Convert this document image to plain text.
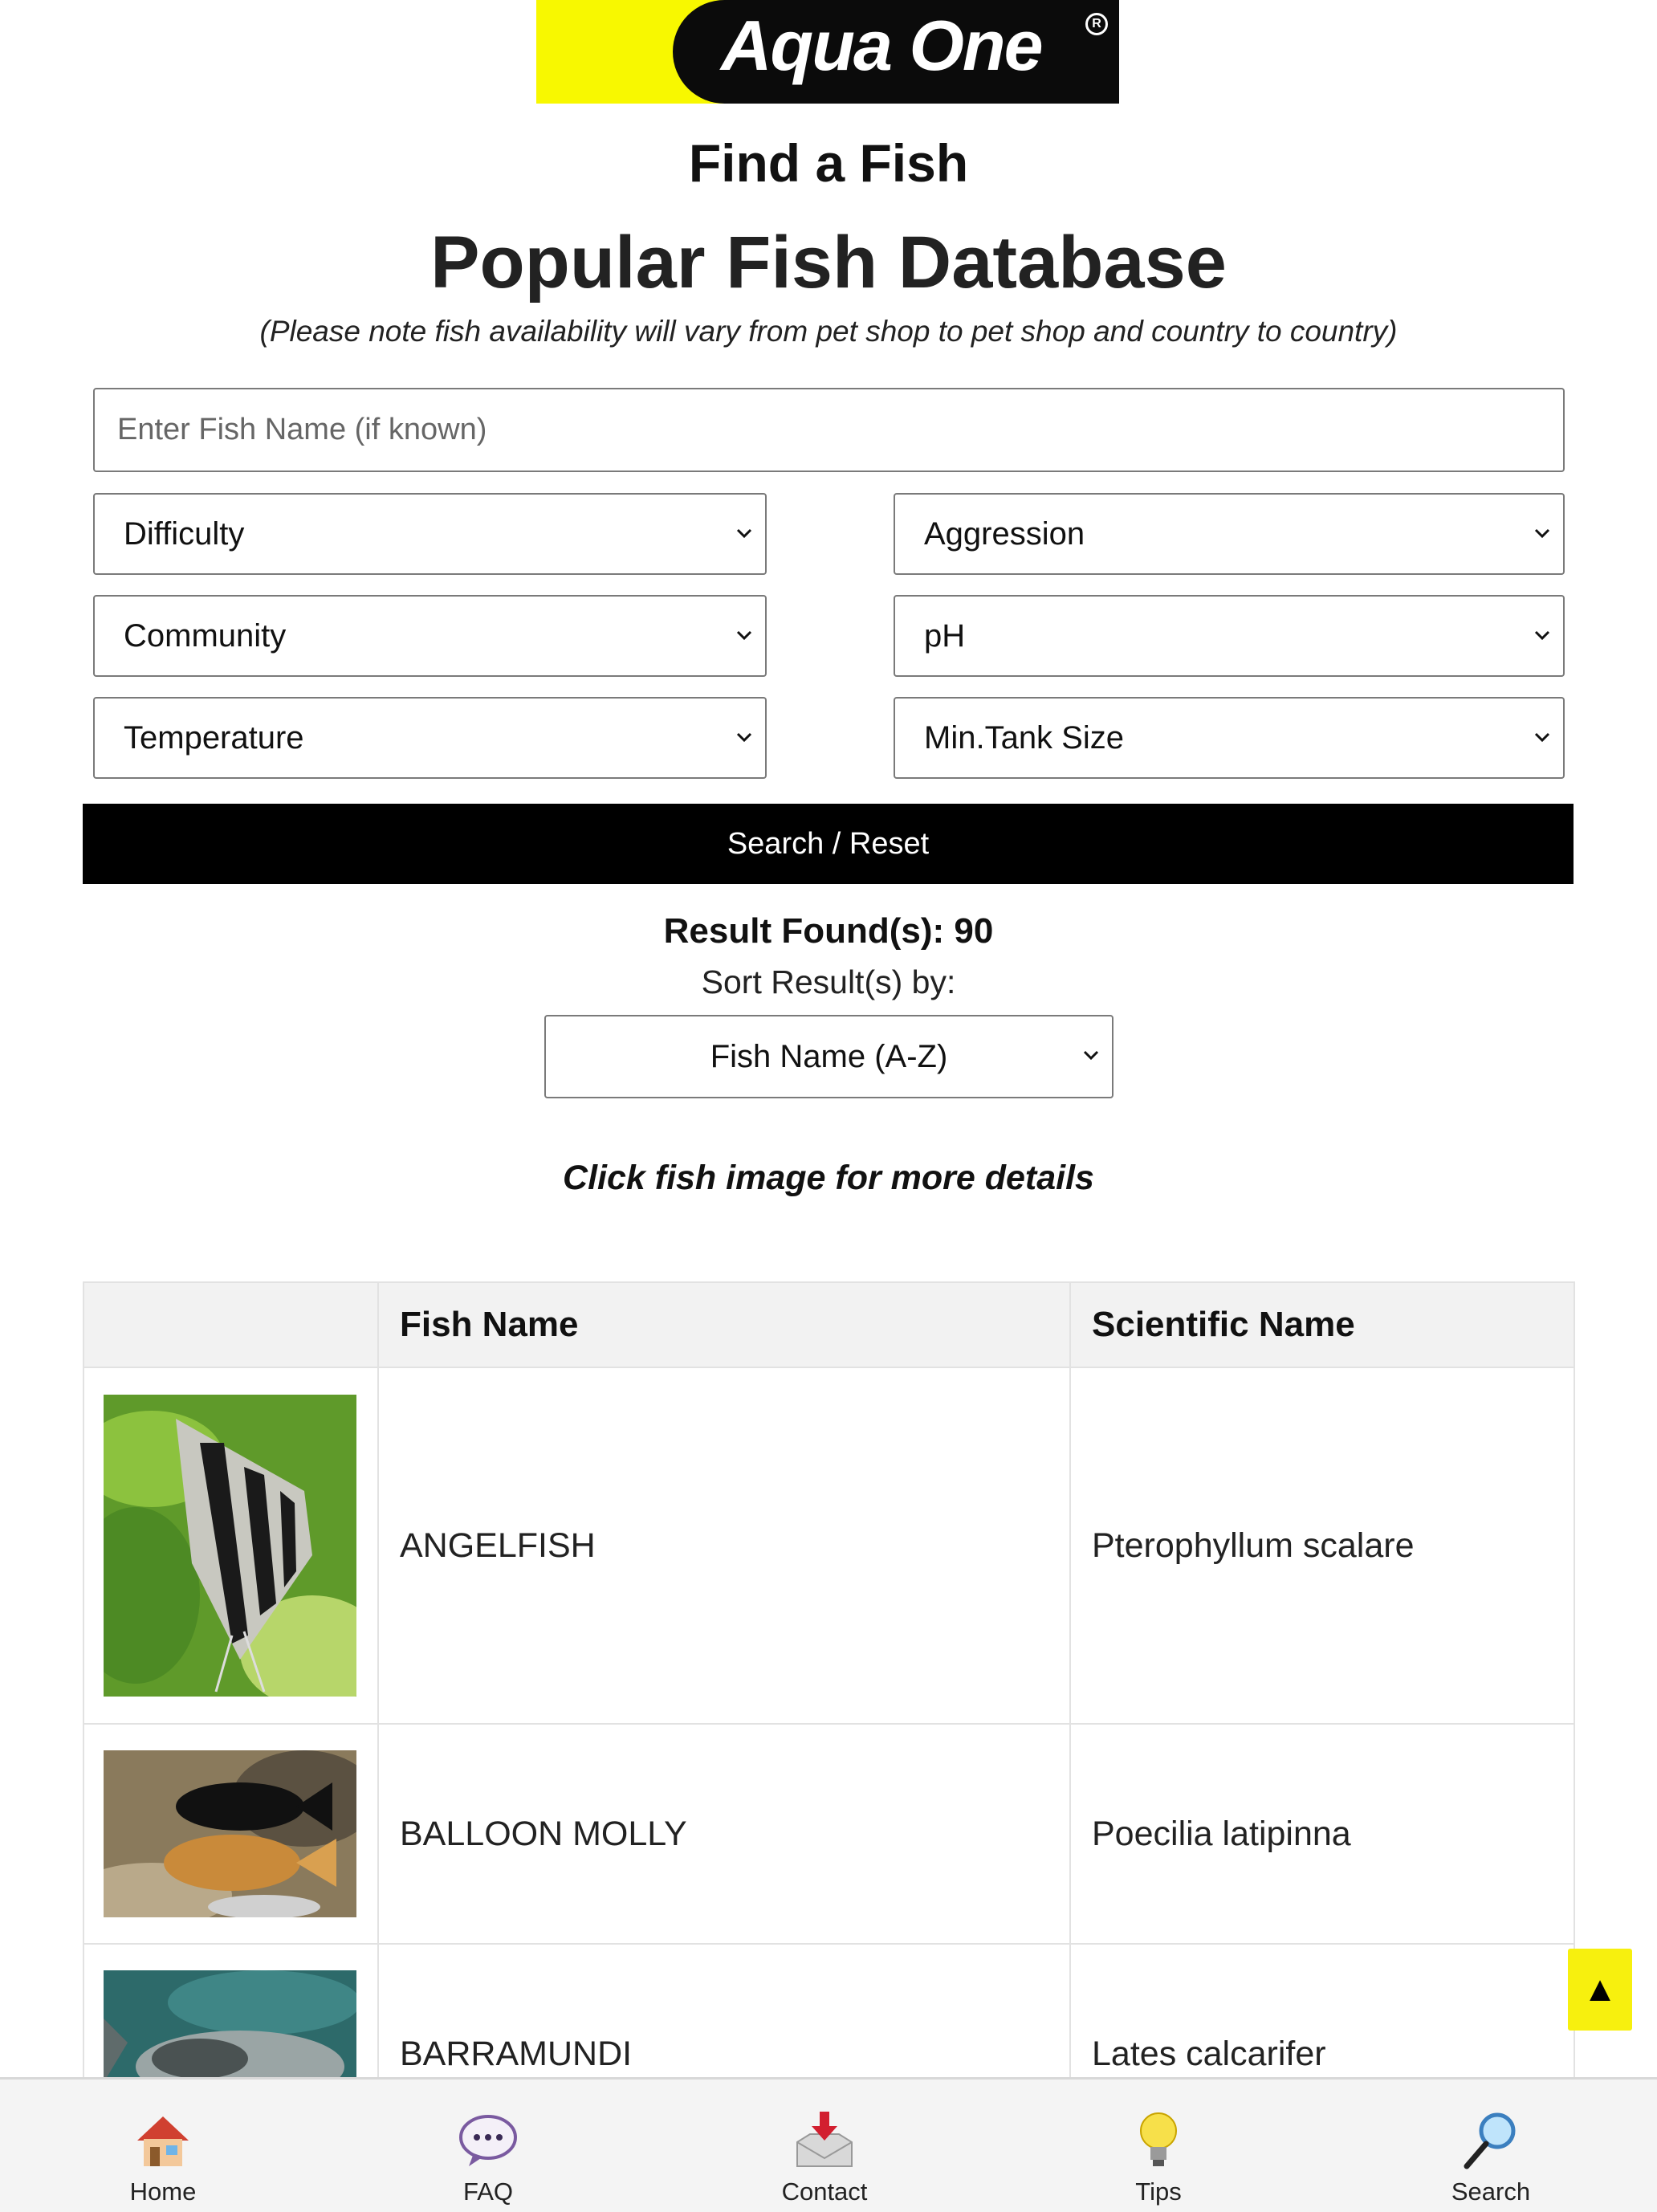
Aqua One	R
Find a Fish
Popular Fish Database
(Please note fish availability will vary from pet shop to pet shop and country to country)
Enter Fish Name (if known)
Difficulty	Aggression
Community	pH
Temperature	Min.Tank Size
Search / Reset
Result Found(s): 90
Sort Result(s) by:
Fish Name (A-Z)
Click fish image for more details
	Fish Name	Scientific Name

	ANGELFISH	Pterophyllum scalare

	BALLOON MOLLY	Poecilia latipinna

	BARRAMUNDI	Lates calcarifer
▲
Home	FAQ	Contact	Tips	Search
